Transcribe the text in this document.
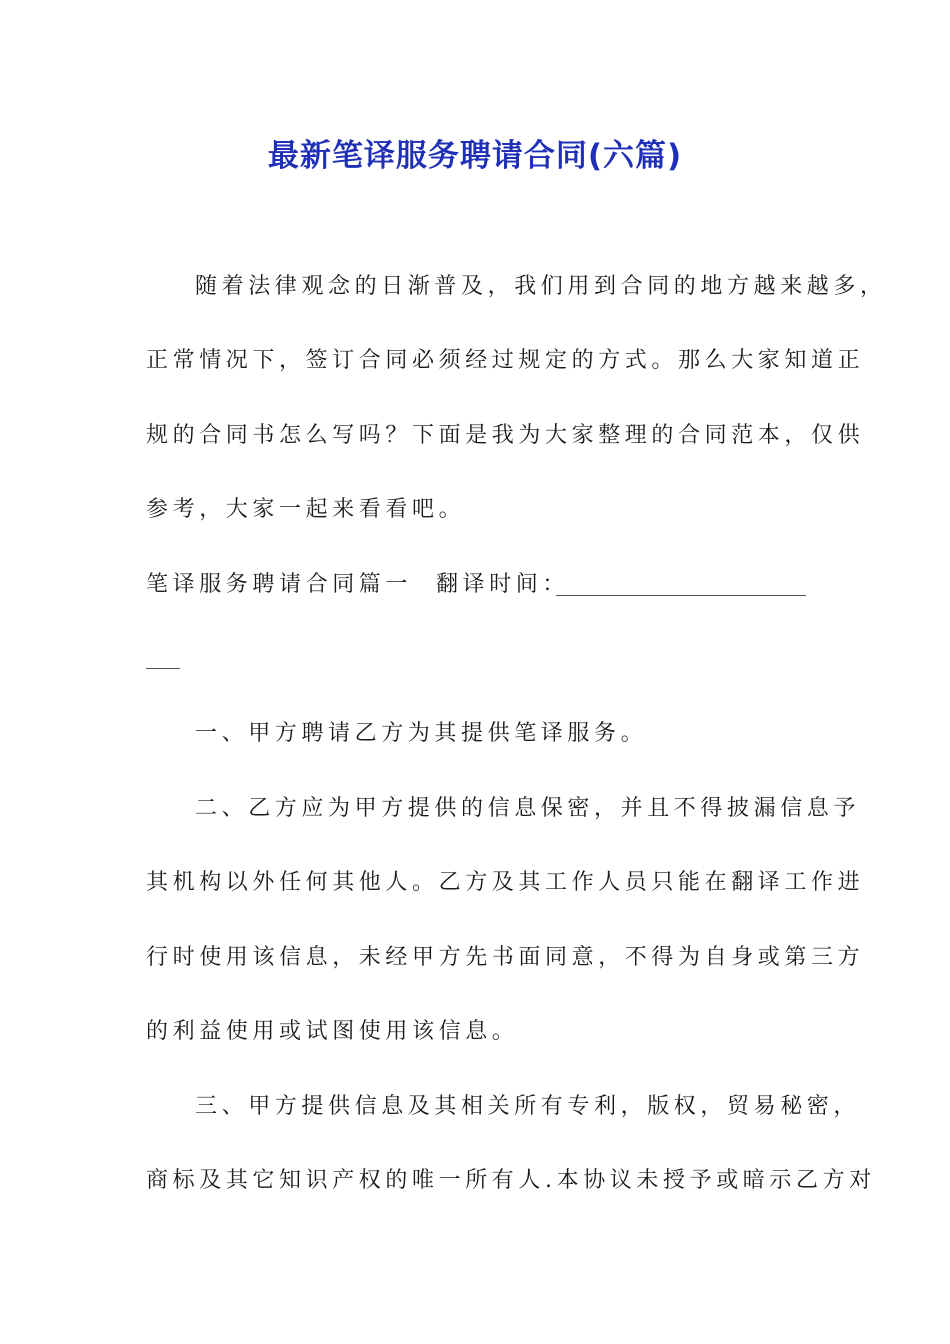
最新笔译服务聘请合同(六篇)

随着法律观念的日渐普及，我们用到合同的地方越来越多，

正常情况下，签订合同必须经过规定的方式。那么大家知道正

规的合同书怎么写吗？下面是我为大家整理的合同范本，仅供

参考，大家一起来看看吧。

笔译服务聘请合同篇一 翻译时间：

一、甲方聘请乙方为其提供笔译服务。

二、乙方应为甲方提供的信息保密，并且不得披漏信息予

其机构以外任何其他人。乙方及其工作人员只能在翻译工作进

行时使用该信息，未经甲方先书面同意，不得为自身或第三方

的利益使用或试图使用该信息。

三、甲方提供信息及其相关所有专利，版权，贸易秘密，

商标及其它知识产权的唯一所有人.本协议未授予或暗示乙方对
